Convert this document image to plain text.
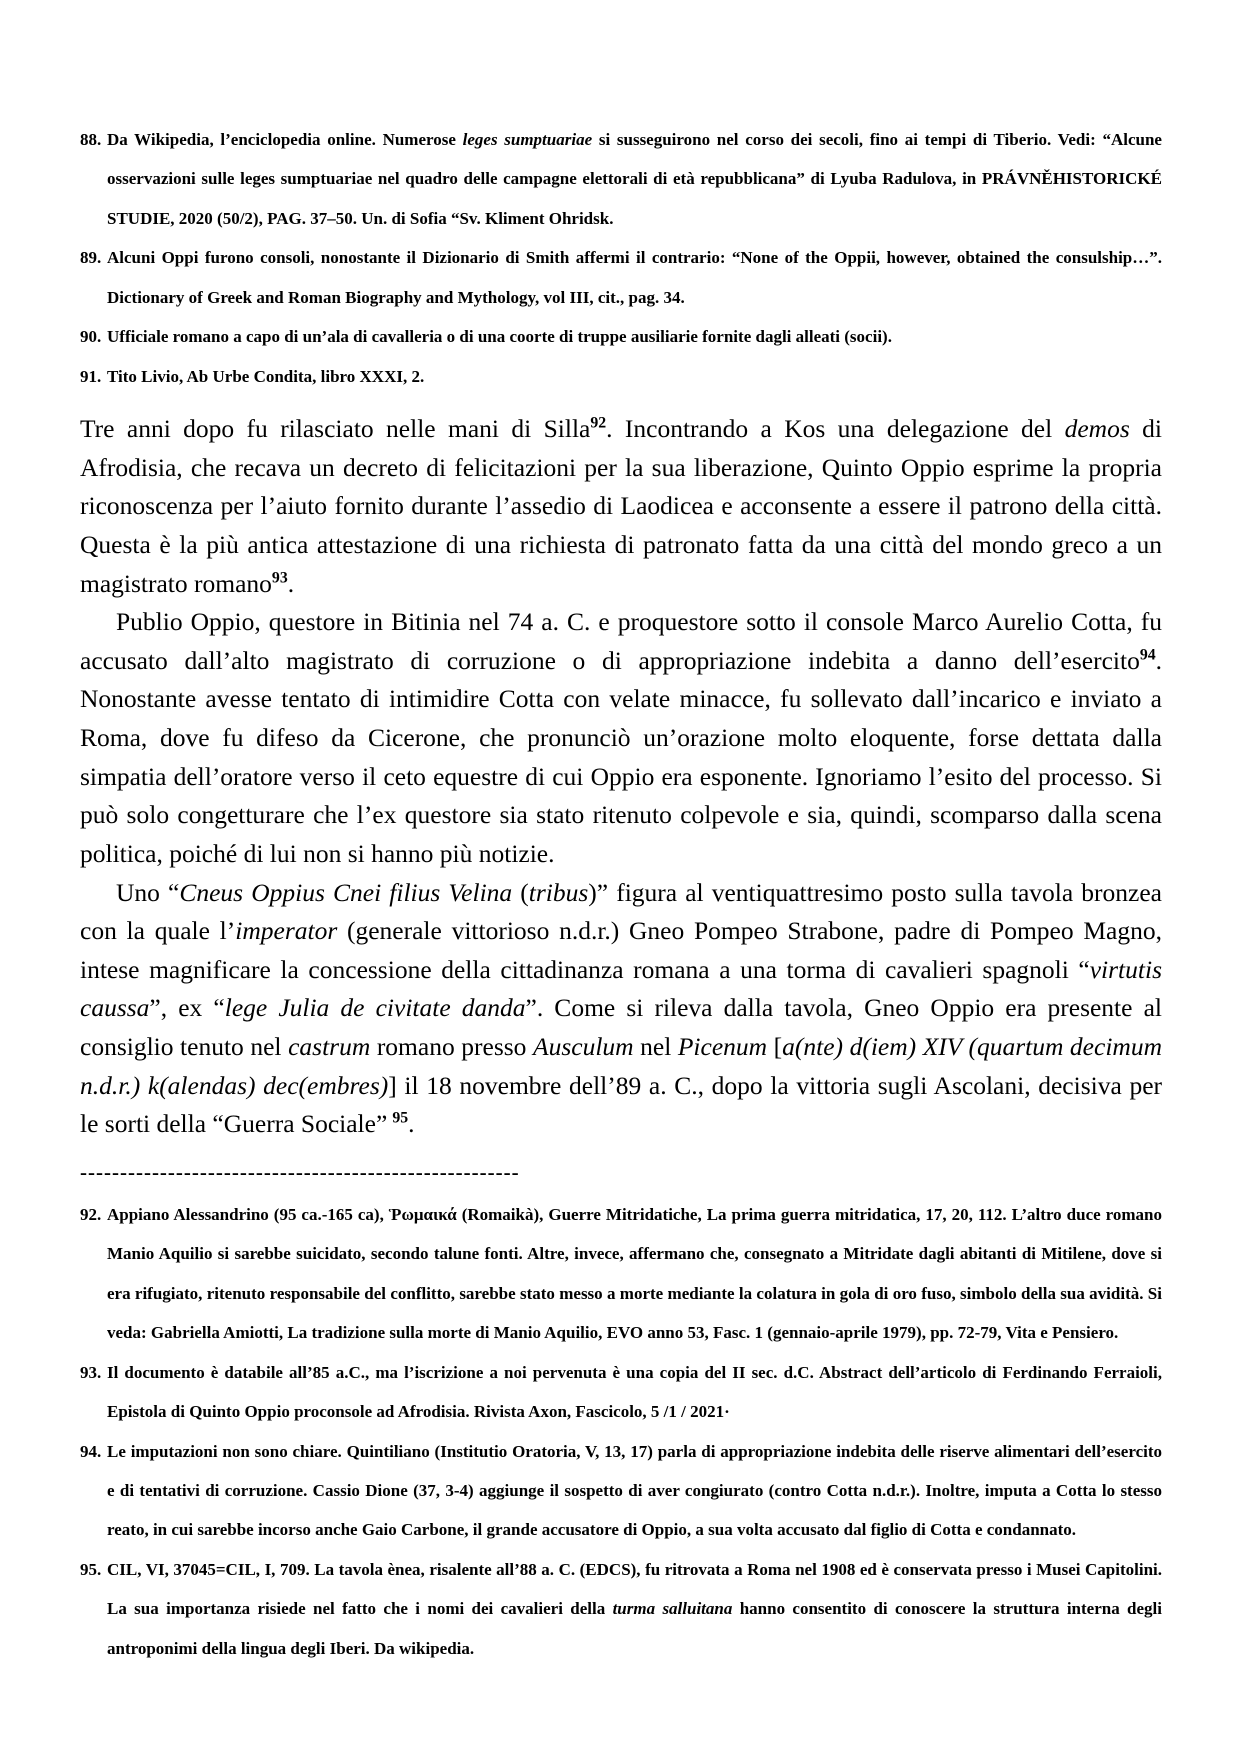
88. Da Wikipedia, l’enciclopedia online. Numerose leges sumptuariae si susseguirono nel corso dei secoli, fino ai tempi di Tiberio. Vedi: “Alcune osservazioni sulle leges sumptuariae nel quadro delle campagne elettorali di età repubblicana” di Lyuba Radulova, in PRÁVNĚHISTORICKÉ STUDIE, 2020 (50/2), PAG. 37–50. Un. di Sofia “Sv. Kliment Ohridsk.
89. Alcuni Oppi furono consoli, nonostante il Dizionario di Smith affermi il contrario: “None of the Oppii, however, obtained the consulship…”. Dictionary of Greek and Roman Biography and Mythology, vol III, cit., pag. 34.
90. Ufficiale romano a capo di un’ala di cavalleria o di una coorte di truppe ausiliarie fornite dagli alleati (socii).
91. Tito Livio, Ab Urbe Condita, libro XXXI, 2.

Tre anni dopo fu rilasciato nelle mani di Silla$^{92}$. Incontrando a Kos una delegazione del demos di Afrodisia, che recava un decreto di felicitazioni per la sua liberazione, Quinto Oppio esprime la propria riconoscenza per l’aiuto fornito durante l’assedio di Laodicea e acconsente a essere il patrono della città. Questa è la più antica attestazione di una richiesta di patronato fatta da una città del mondo greco a un magistrato romano$^{93}$.

Publio Oppio, questore in Bitinia nel 74 a. C. e proquestore sotto il console Marco Aurelio Cotta, fu accusato dall’alto magistrato di corruzione o di appropriazione indebita a danno dell’esercito$^{94}$. Nonostante avesse tentato di intimidire Cotta con velate minacce, fu sollevato dall’incarico e inviato a Roma, dove fu difeso da Cicerone, che pronunciò un’orazione molto eloquente, forse dettata dalla simpatia dell’oratore verso il ceto equestre di cui Oppio era esponente. Ignoriamo l’esito del processo. Si può solo congetturare che l’ex questore sia stato ritenuto colpevole e sia, quindi, scomparso dalla scena politica, poiché di lui non si hanno più notizie.

Uno “Cneus Oppius Cnei filius Velina (tribus)” figura al ventiquattresimo posto sulla tavola bronzea con la quale l’imperator (generale vittorioso n.d.r.) Gneo Pompeo Strabone, padre di Pompeo Magno, intese magnificare la concessione della cittadinanza romana a una torma di cavalieri spagnoli “virtutis caussa”, ex “lege Julia de civitate danda”. Come si rileva dalla tavola, Gneo Oppio era presente al consiglio tenuto nel castrum romano presso Ausculum nel Picenum [a(nte) d(iem) XIV (quartum decimum n.d.r.) k(alendas) dec(embres)] il 18 novembre dell’89 a. C., dopo la vittoria sugli Ascolani, decisiva per le sorti della “Guerra Sociale” $^{95}$.

-------------------------------------------------------
92. Appiano Alessandrino (95 ca.-165 ca), Ῥωμαικά (Romaikà), Guerre Mitridatiche, La prima guerra mitridatica, 17, 20, 112. L’altro duce romano Manio Aquilio si sarebbe suicidato, secondo talune fonti. Altre, invece, affermano che, consegnato a Mitridate dagli abitanti di Mitilene, dove si era rifugiato, ritenuto responsabile del conflitto, sarebbe stato messo a morte mediante la colatura in gola di oro fuso, simbolo della sua avidità. Si veda: Gabriella Amiotti, La tradizione sulla morte di Manio Aquilio, EVO anno 53, Fasc. 1 (gennaio-aprile 1979), pp. 72-79, Vita e Pensiero.
93. Il documento è databile all’85 a.C., ma l’iscrizione a noi pervenuta è una copia del II sec. d.C. Abstract dell’articolo di Ferdinando Ferraioli, Epistola di Quinto Oppio proconsole ad Afrodisia. Rivista Axon, Fascicolo, 5 /1 / 2021·
94. Le imputazioni non sono chiare. Quintiliano (Institutio Oratoria, V, 13, 17) parla di appropriazione indebita delle riserve alimentari dell’esercito e di tentativi di corruzione. Cassio Dione (37, 3-4) aggiunge il sospetto di aver congiurato (contro Cotta n.d.r.). Inoltre, imputa a Cotta lo stesso reato, in cui sarebbe incorso anche Gaio Carbone, il grande accusatore di Oppio, a sua volta accusato dal figlio di Cotta e condannato.
95. CIL, VI, 37045=CIL, I, 709. La tavola ènea, risalente all’88 a. C. (EDCS), fu ritrovata a Roma nel 1908 ed è conservata presso i Musei Capitolini. La sua importanza risiede nel fatto che i nomi dei cavalieri della turma salluitana hanno consentito di conoscere la struttura interna degli antroponimi della lingua degli Iberi. Da wikipedia.
